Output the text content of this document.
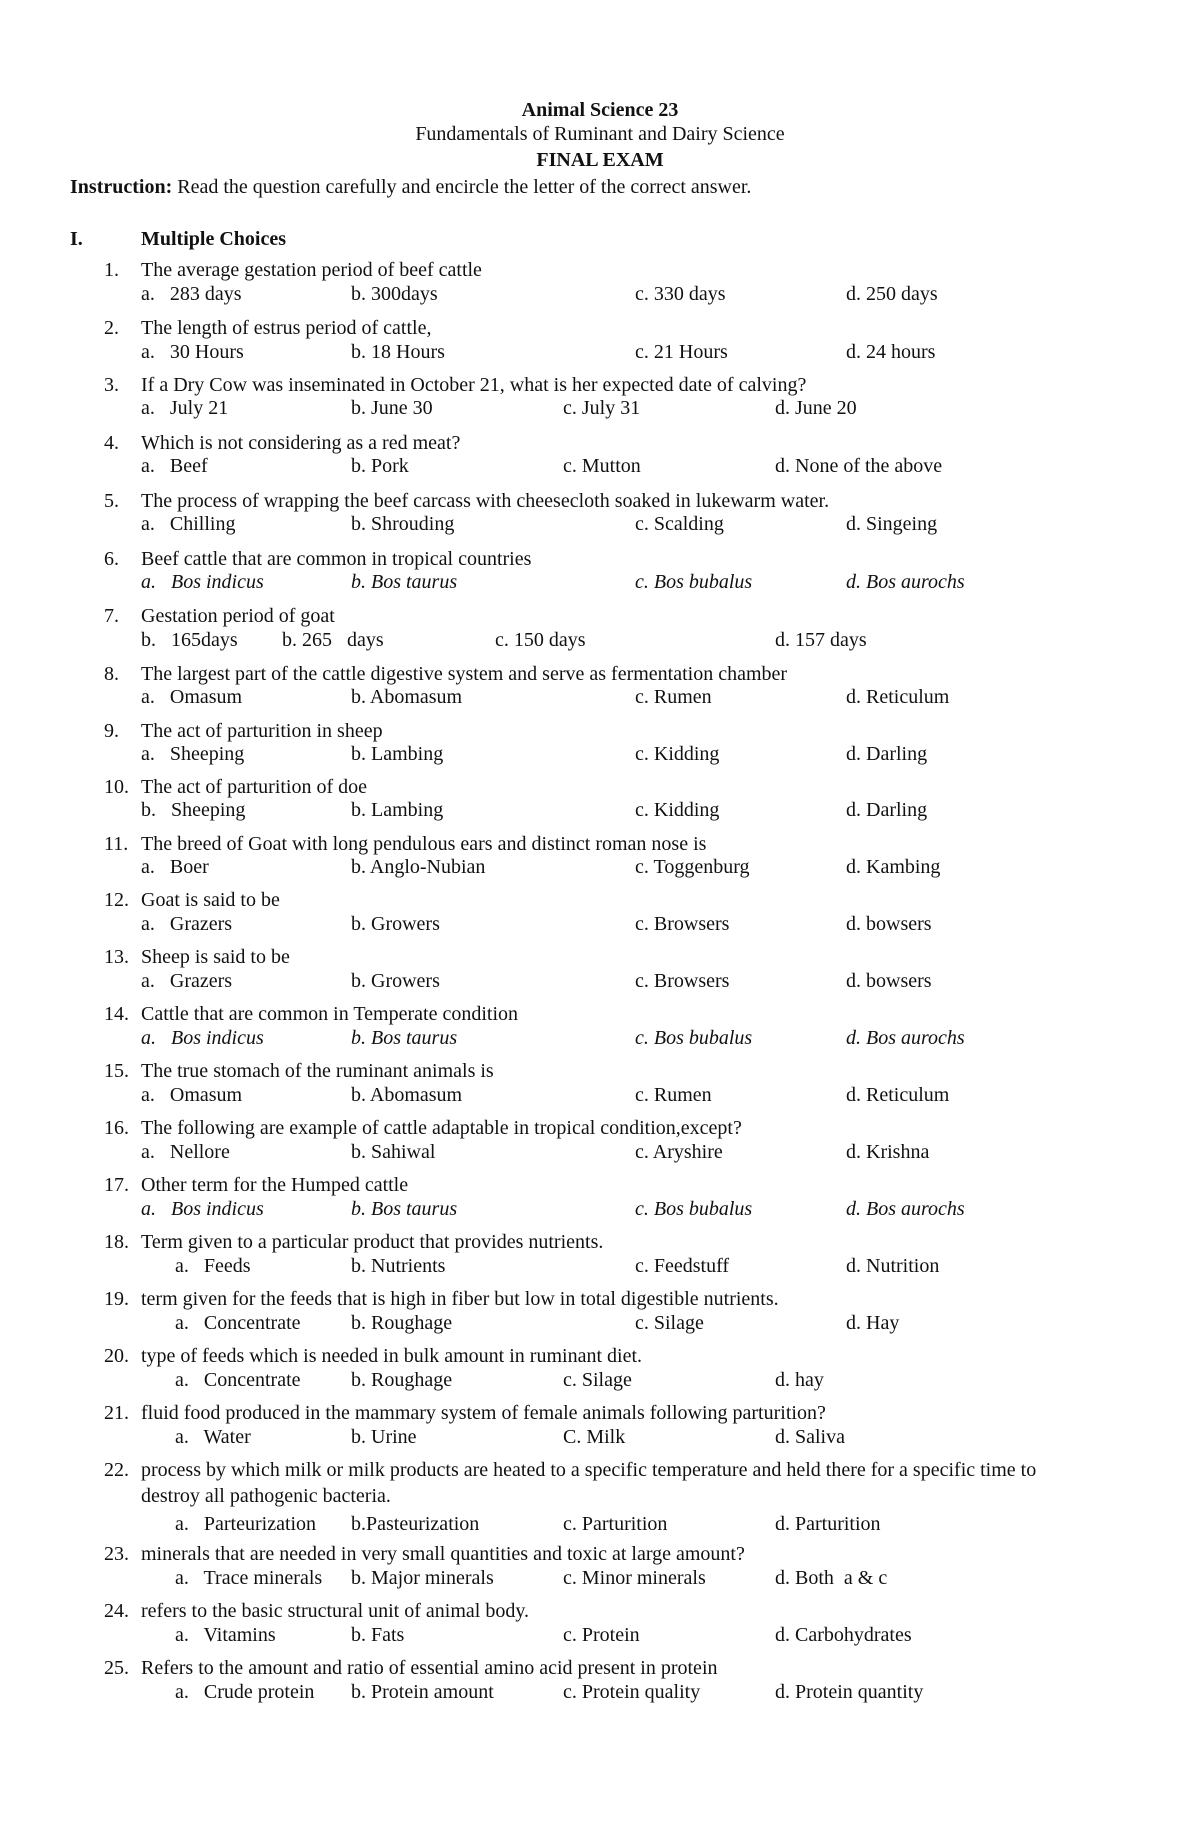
Animal Science 23
Fundamentals of Ruminant and Dairy Science
FINAL EXAM
Instruction: Read the question carefully and encircle the letter of the correct answer.
I.	Multiple Choices
1.	The average gestation period of beef cattle
a.   283 days	b. 300days	c. 330 days	d. 250 days
2.	The length of estrus period of cattle,
a.   30 Hours	b. 18 Hours	c. 21 Hours	d. 24 hours
3.	If a Dry Cow was inseminated in October 21, what is her expected date of calving?
a.   July 21	b. June 30	c. July 31	d. June 20
4.	Which is not considering as a red meat?
a.   Beef	b. Pork	c. Mutton	d. None of the above
5.	The process of wrapping the beef carcass with cheesecloth soaked in lukewarm water.
a.   Chilling	b. Shrouding	c. Scalding	d. Singeing
6.	Beef cattle that are common in tropical countries
a.   Bos indicus	b. Bos taurus	c. Bos bubalus	d. Bos aurochs
7.	Gestation period of goat
b.   165days b. 265   days	c. 150 days	d. 157 days
8.	The largest part of the cattle digestive system and serve as fermentation chamber
a.   Omasum	b. Abomasum	c. Rumen	d. Reticulum
9.	The act of parturition in sheep
a.   Sheeping	b. Lambing	c. Kidding	d. Darling
10. The act of parturition of doe
b.   Sheeping	b. Lambing	c. Kidding	d. Darling
11. The breed of Goat with long pendulous ears and distinct roman nose is
a.   Boer	b. Anglo-Nubian	c. Toggenburg	d. Kambing
12. Goat is said to be
a.   Grazers	b. Growers	c. Browsers	d. bowsers
13. Sheep is said to be
a.   Grazers	b. Growers	c. Browsers	d. bowsers
14. Cattle that are common in Temperate condition
a.   Bos indicus	b. Bos taurus	c. Bos bubalus	d. Bos aurochs
15. The true stomach of the ruminant animals is
a.   Omasum	b. Abomasum	c. Rumen	d. Reticulum
16. The following are example of cattle adaptable in tropical condition,except?
a.   Nellore	b. Sahiwal	c. Aryshire	d. Krishna
17. Other term for the Humped cattle
a.   Bos indicus	b. Bos taurus	c. Bos bubalus	d. Bos aurochs
18. Term given to a particular product that provides nutrients.
a.   Feeds	b. Nutrients	c. Feedstuff	d. Nutrition
19. term given for the feeds that is high in fiber but low in total digestible nutrients.
a.   Concentrate	b. Roughage	c. Silage	d. Hay
20. type of feeds which is needed in bulk amount in ruminant diet.
a.   Concentrate	b. Roughage	c. Silage	d. hay
21. fluid food produced in the mammary system of female animals following parturition?
a.   Water	b. Urine	C. Milk	d. Saliva
22. process by which milk or milk products are heated to a specific temperature and held there for a specific time to destroy all pathogenic bacteria.
a.   Parteurization b.Pasteurization	c. Parturition	d. Parturition
23. minerals that are needed in very small quantities and toxic at large amount?
a.   Trace minerals b. Major minerals	c. Minor minerals	d. Both  a & c
24. refers to the basic structural unit of animal body.
a.   Vitamins	b. Fats	c. Protein	d. Carbohydrates
25. Refers to the amount and ratio of essential amino acid present in protein
a.   Crude protein b. Protein amount	c. Protein quality	d. Protein quantity
